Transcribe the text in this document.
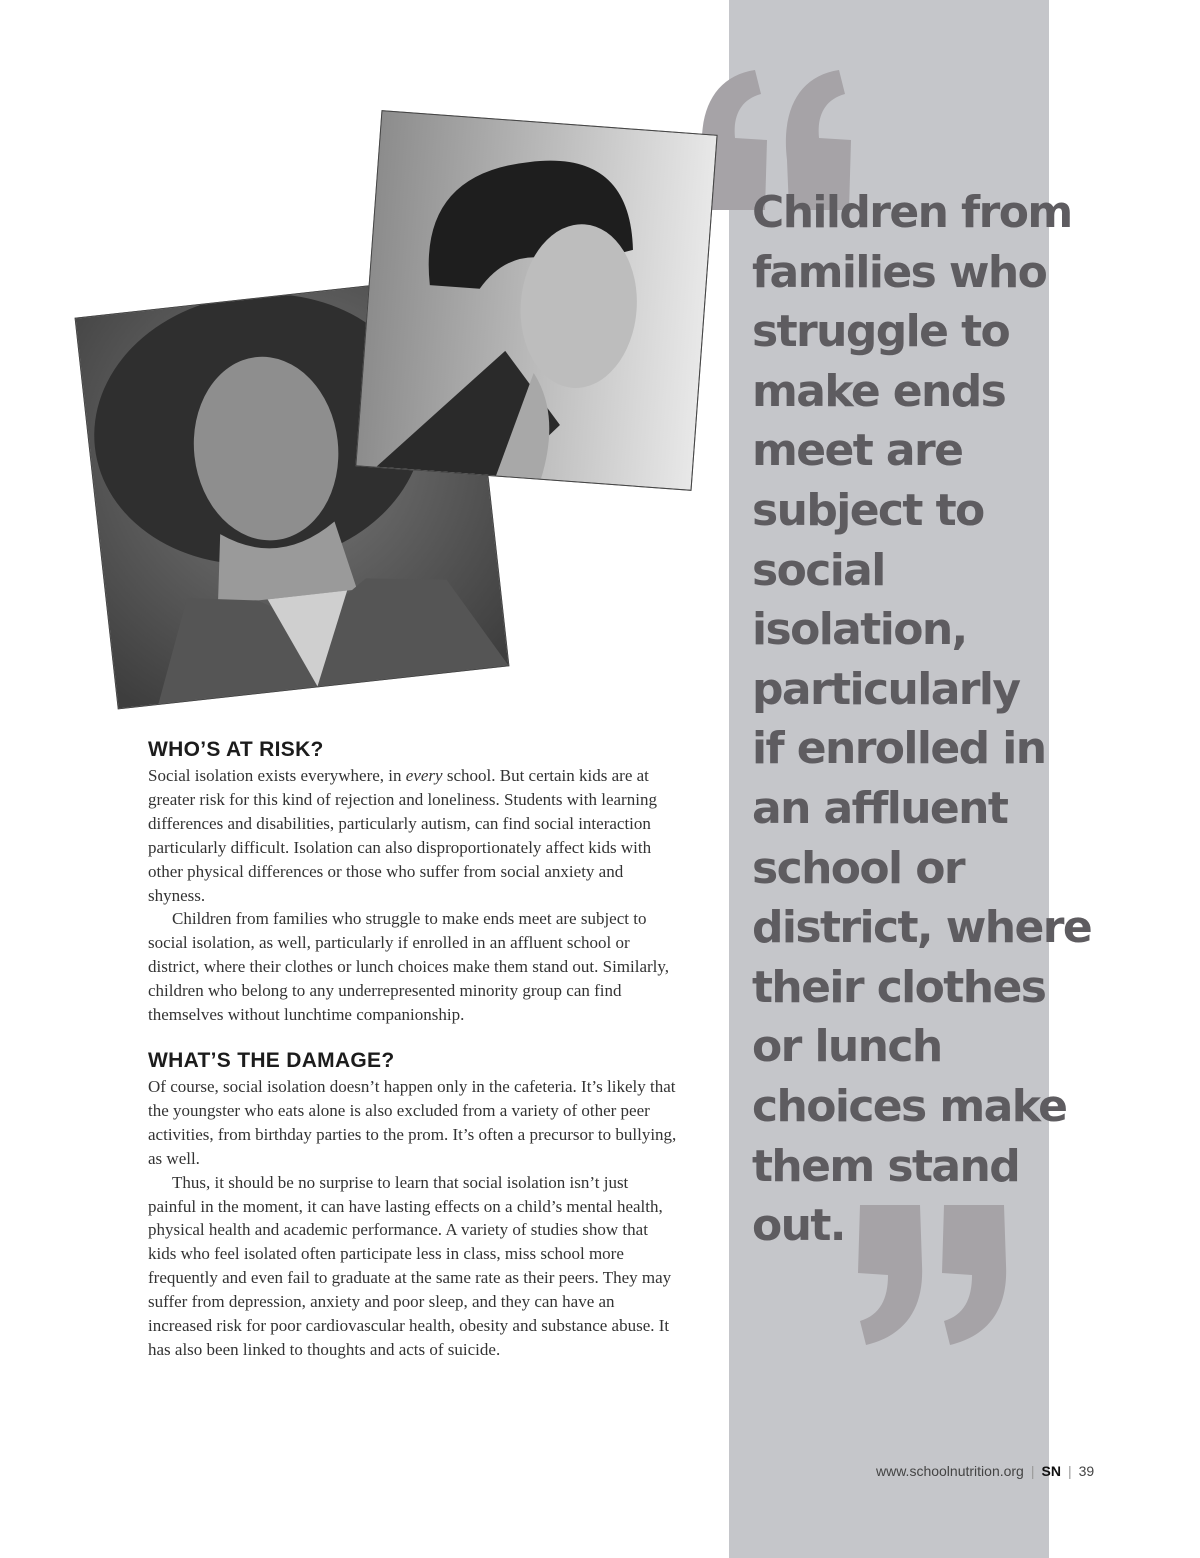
Children from
families who
struggle to
make ends
meet are
subject to
social
isolation,
particularly
if enrolled in
an affluent
school or
district, where
their clothes
or lunch
choices make
them stand
out.
WHO’S AT RISK?

Social isolation exists everywhere, in every school. But certain kids are at greater risk for this kind of rejection and loneliness. Students with learning differences and disabilities, particularly autism, can find social interaction particularly difficult. Isolation can also disproportionately affect kids with other physical differences or those who suffer from social anxiety and shyness.

Children from families who struggle to make ends meet are subject to social isolation, as well, particularly if enrolled in an affluent school or district, where their clothes or lunch choices make them stand out. Similarly, children who belong to any underrepresented minority group can find themselves without lunchtime companionship.

WHAT’S THE DAMAGE?

Of course, social isolation doesn’t happen only in the cafeteria. It’s likely that the youngster who eats alone is also excluded from a variety of other peer activities, from birthday parties to the prom. It’s often a precursor to bullying, as well.

Thus, it should be no surprise to learn that social isolation isn’t just painful in the moment, it can have lasting effects on a child’s mental health, physical health and academic performance. A variety of studies show that kids who feel isolated often participate less in class, miss school more frequently and even fail to graduate at the same rate as their peers. They may suffer from depression, anxiety and poor sleep, and they can have an increased risk for poor cardiovascular health, obesity and substance abuse. It has also been linked to thoughts and acts of suicide.

www.schoolnutrition.org | SN | 39
